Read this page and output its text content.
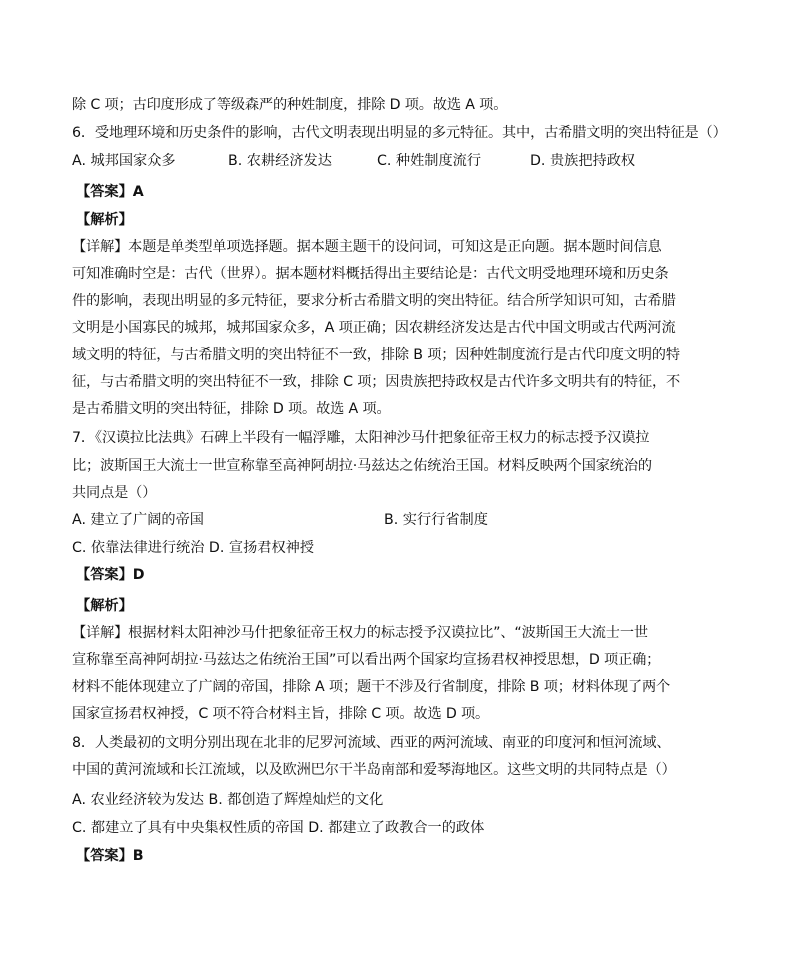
除 C 项；古印度形成了等级森严的种姓制度，排除 D 项。故选 A 项。
6．受地理环境和历史条件的影响，古代文明表现出明显的多元特征。其中，古希腊文明的突出特征是（）
A. 城邦国家众多	B. 农耕经济发达	C. 种姓制度流行	D. 贵族把持政权
【答案】A
【解析】
【详解】本题是单类型单项选择题。据本题主题干的设问词，可知这是正向题。据本题时间信息
可知准确时空是：古代（世界）。据本题材料概括得出主要结论是：古代文明受地理环境和历史条
件的影响，表现出明显的多元特征，要求分析古希腊文明的突出特征。结合所学知识可知，古希腊
文明是小国寡民的城邦，城邦国家众多，A 项正确；因农耕经济发达是古代中国文明或古代两河流
域文明的特征，与古希腊文明的突出特征不一致，排除 B 项；因种姓制度流行是古代印度文明的特
征，与古希腊文明的突出特征不一致，排除 C 项；因贵族把持政权是古代许多文明共有的特征，不
是古希腊文明的突出特征，排除 D 项。故选 A 项。
7．《汉谟拉比法典》石碑上半段有一幅浮雕，太阳神沙马什把象征帝王权力的标志授予汉谟拉
比；波斯国王大流士一世宣称靠至高神阿胡拉·马兹达之佑统治王国。材料反映两个国家统治的
共同点是（）
A. 建立了广阔的帝国	B. 实行行省制度
C. 依靠法律进行统治 D. 宣扬君权神授
【答案】D
【解析】
【详解】根据材料太阳神沙马什把象征帝王权力的标志授予汉谟拉比”、“波斯国王大流士一世
宣称靠至高神阿胡拉·马兹达之佑统治王国”可以看出两个国家均宣扬君权神授思想，D 项正确；
材料不能体现建立了广阔的帝国，排除 A 项；题干不涉及行省制度，排除 B 项；材料体现了两个
国家宣扬君权神授，C 项不符合材料主旨，排除 C 项。故选 D 项。
8．人类最初的文明分别出现在北非的尼罗河流域、西亚的两河流域、南亚的印度河和恒河流域、
中国的黄河流域和长江流域，以及欧洲巴尔干半岛南部和爱琴海地区。这些文明的共同特点是（）
A. 农业经济较为发达 B. 都创造了辉煌灿烂的文化
C. 都建立了具有中央集权性质的帝国 D. 都建立了政教合一的政体
【答案】B
